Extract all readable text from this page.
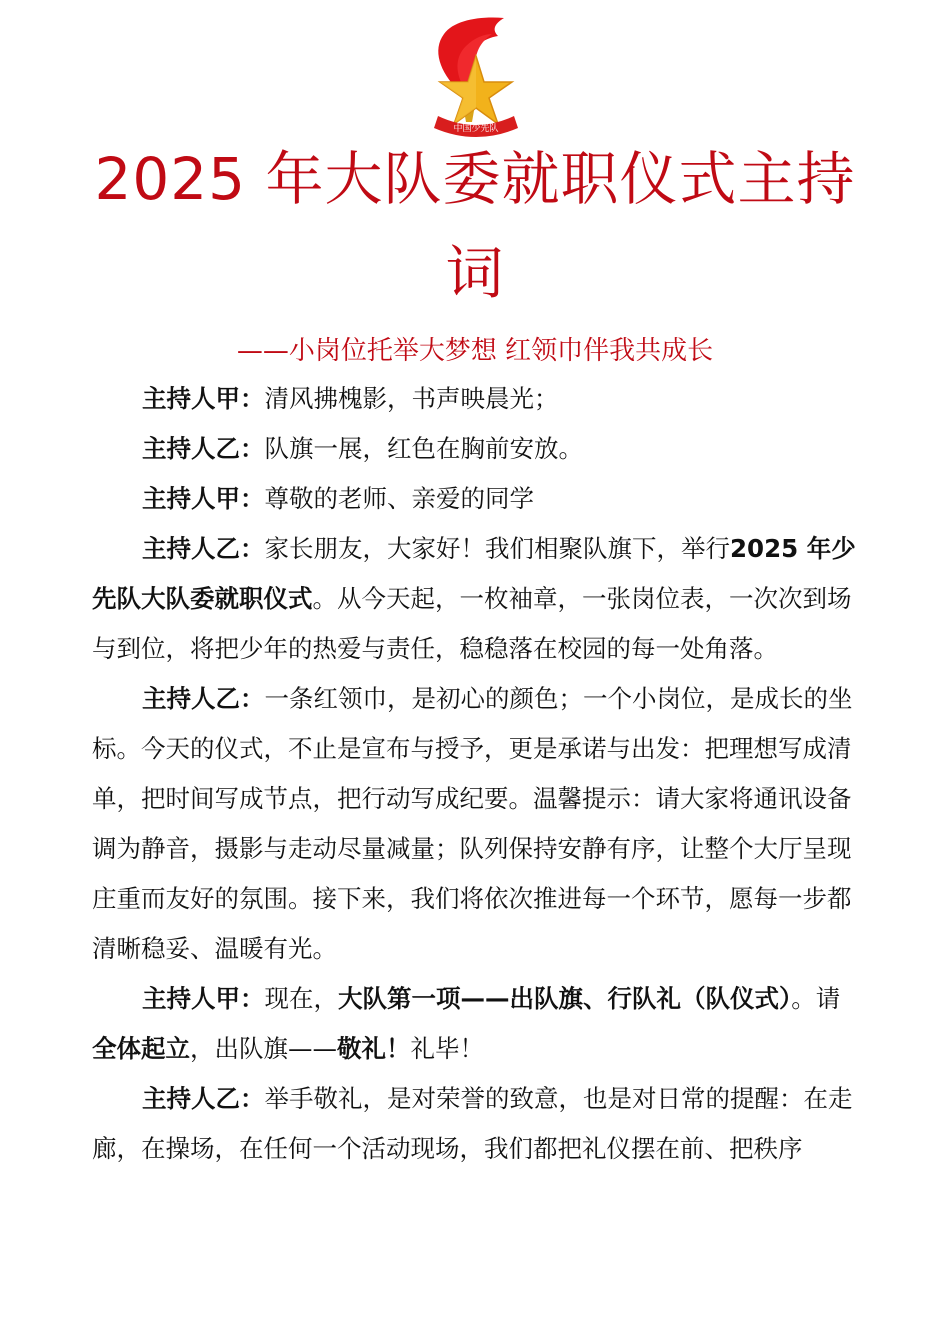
中国少先队
2025 年大队委就职仪式主持
词

——小岗位托举大梦想 红领巾伴我共成长

主持人甲：清风拂槐影，书声映晨光；

主持人乙：队旗一展，红色在胸前安放。

主持人甲：尊敬的老师、亲爱的同学

主持人乙：家长朋友，大家好！我们相聚队旗下，举行2025 年少先队大队委就职仪式。从今天起，一枚袖章，一张岗位表，一次次到场与到位，将把少年的热爱与责任，稳稳落在校园的每一处角落。

主持人乙：一条红领巾，是初心的颜色；一个小岗位，是成长的坐标。今天的仪式，不止是宣布与授予，更是承诺与出发：把理想写成清单，把时间写成节点，把行动写成纪要。温馨提示：请大家将通讯设备调为静音，摄影与走动尽量减量；队列保持安静有序，让整个大厅呈现庄重而友好的氛围。接下来，我们将依次推进每一个环节，愿每一步都清晰稳妥、温暖有光。

主持人甲：现在，大队第一项——出队旗、行队礼（队仪式）。请全体起立，出队旗——敬礼！礼毕！

主持人乙：举手敬礼，是对荣誉的致意，也是对日常的提醒：在走廊，在操场，在任何一个活动现场，我们都把礼仪摆在前、把秩序
